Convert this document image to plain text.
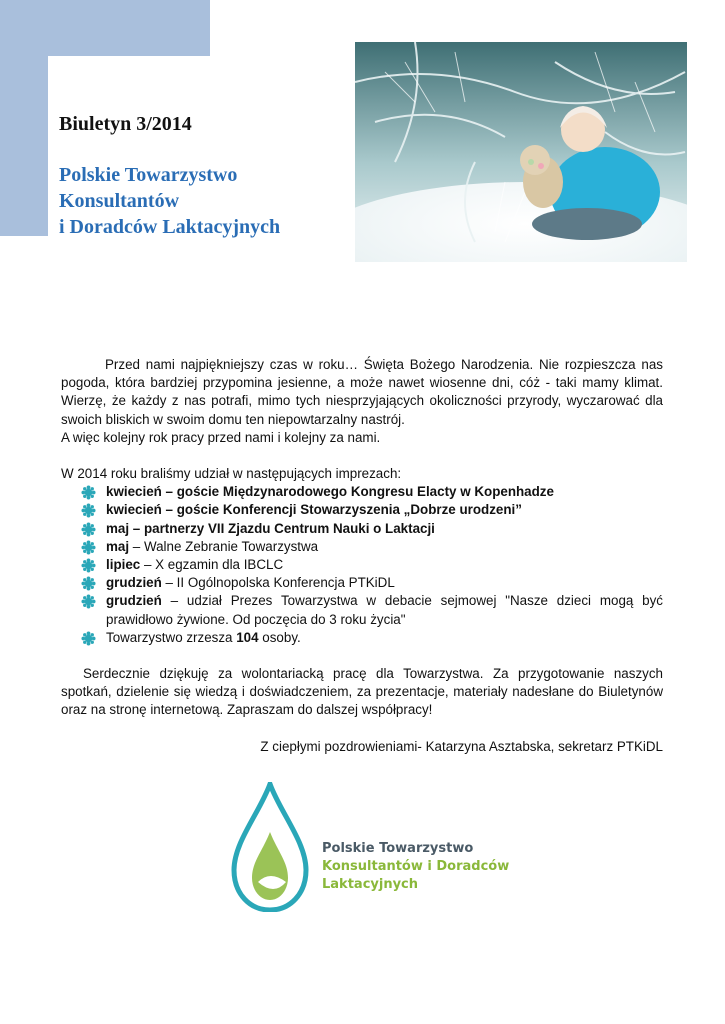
Biuletyn 3/2014

Polskie Towarzystwo
Konsultantów
i Doradców Laktacyjnych

Przed nami najpiękniejszy czas w roku… Święta Bożego Narodzenia. Nie rozpieszcza nas pogoda, która bardziej przypomina jesienne, a może nawet wiosenne dni, cóż - taki mamy klimat. Wierzę, że każdy z nas potrafi, mimo tych niesprzyjających okoliczności przyrody, wyczarować dla swoich bliskich w swoim domu ten niepowtarzalny nastrój.

A więc kolejny rok pracy przed nami i kolejny za nami.

W 2014 roku braliśmy udział w następujących imprezach:

kwiecień – goście Międzynarodowego Kongresu Elacty w Kopenhadze
kwiecień – goście Konferencji Stowarzyszenia „Dobrze urodzeni”
maj – partnerzy VII Zjazdu Centrum Nauki o Laktacji
maj – Walne Zebranie Towarzystwa
lipiec – X egzamin dla IBCLC
grudzień – II Ogólnopolska Konferencja PTKiDL
grudzień – udział Prezes Towarzystwa w debacie sejmowej "Nasze dzieci mogą być prawidłowo żywione. Od poczęcia do 3 roku życia"
Towarzystwo zrzesza 104 osoby.

Serdecznie dziękuję za wolontariacką pracę dla Towarzystwa. Za przygotowanie naszych spotkań, dzielenie się wiedzą i doświadczeniem, za prezentacje, materiały nadesłane do Biuletynów oraz na stronę internetową. Zapraszam do dalszej współpracy!

Z ciepłymi pozdrowieniami- Katarzyna Asztabska, sekretarz PTKiDL

Polskie Towarzystwo
Konsultantów i Doradców
Laktacyjnych
